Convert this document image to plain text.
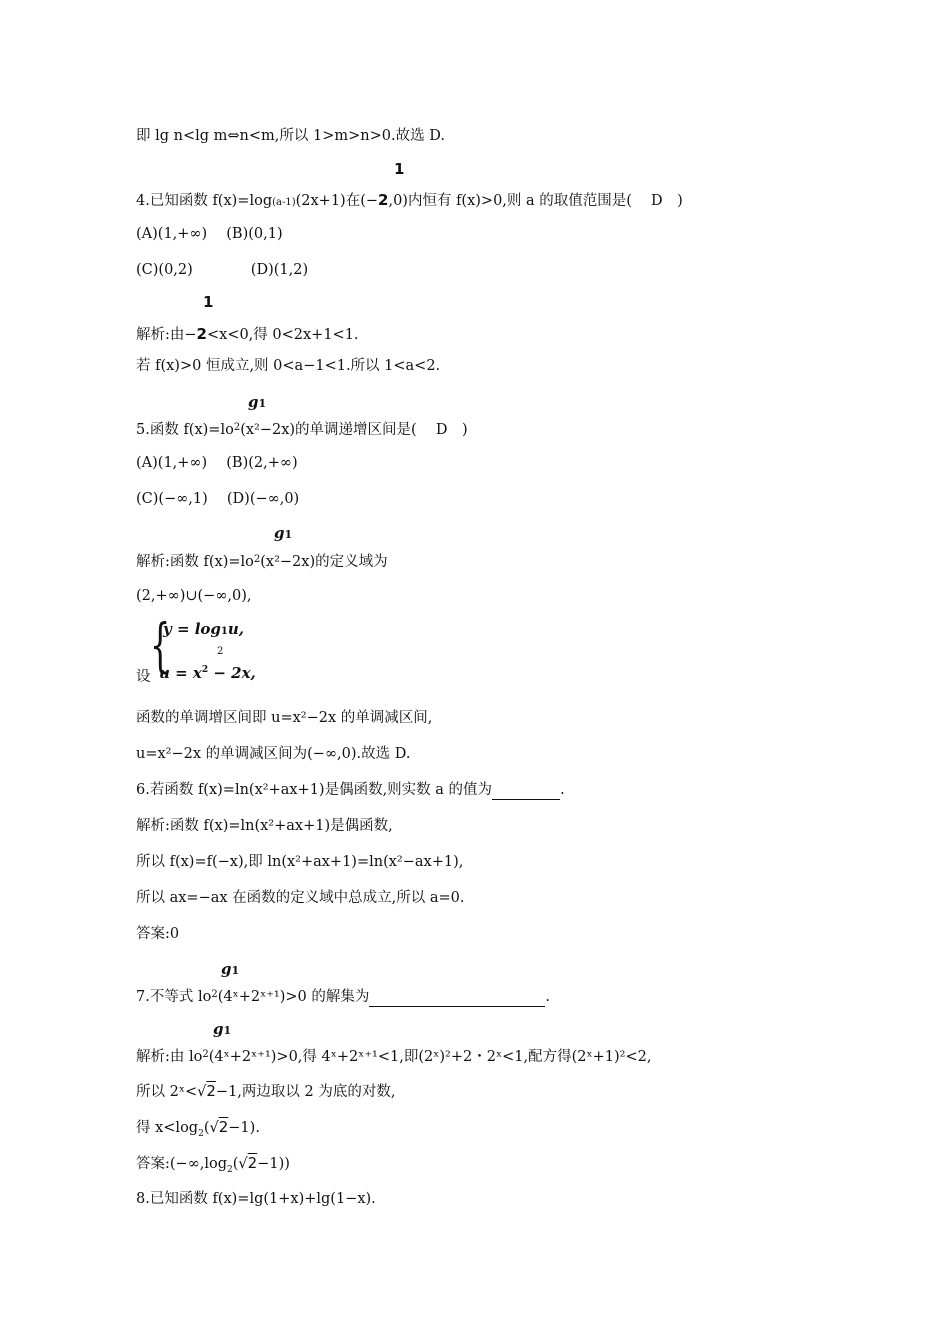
即 lg n<lg m⇔n<m,所以 1>m>n>0.故选 D.
1
4.已知函数 f(x)=log(a-1)(2x+1)在(−2,0)内恒有 f(x)>0,则 a 的取值范围是(　 D　)
(A)(1,+∞)　 (B)(0,1)
(C)(0,2)　　　　(D)(1,2)
1
解析:由−2<x<0,得 0<2x+1<1.
若 f(x)>0 恒成立,则 0<a−1<1.所以 1<a<2.
g1
5.函数 $f(x)=lo^2(x^2-2x)$的单调递增区间是(　 D　)
(A)(1,+∞)　 (B)(2,+∞)
(C)(−∞,1)　 (D)(−∞,0)
g1
解析:函数 $f(x)=lo^2(x^2-2x)$的定义域为
(2,+∞)∪(−∞,0),
{
y = log1u,
2
设 $u = x^2 - 2x$,
函数的单调增区间即 u=x²−2x 的单调减区间,
u=x²−2x 的单调减区间为(−∞,0).故选 D.
6.若函数 f(x)=ln(x²+ax+1)是偶函数,则实数 a 的值为	.
解析:函数 f(x)=ln(x²+ax+1)是偶函数,
所以 f(x)=f(−x),即 ln(x²+ax+1)=ln(x²−ax+1),
所以 ax=−ax 在函数的定义域中总成立,所以 a=0.
答案:0
g1
7.不等式 $lo^2(4ˣ+2ˣ^{+1})>0$ 的解集为	.
g1
解析:由 $lo^2(4ˣ+2ˣ^{+1})>0$,得 4ˣ+2ˣ⁺¹<1,即(2ˣ)²+2・2ˣ<1,配方得(2ˣ+1)²<2,
所以 2ˣ<√2−1,两边取以 2 为底的对数,
得 $x<\log_2(√2-1)$.
答案$:(-\infty,\log_2(√2-1))$
8.已知函数 f(x)=lg(1+x)+lg(1−x).
